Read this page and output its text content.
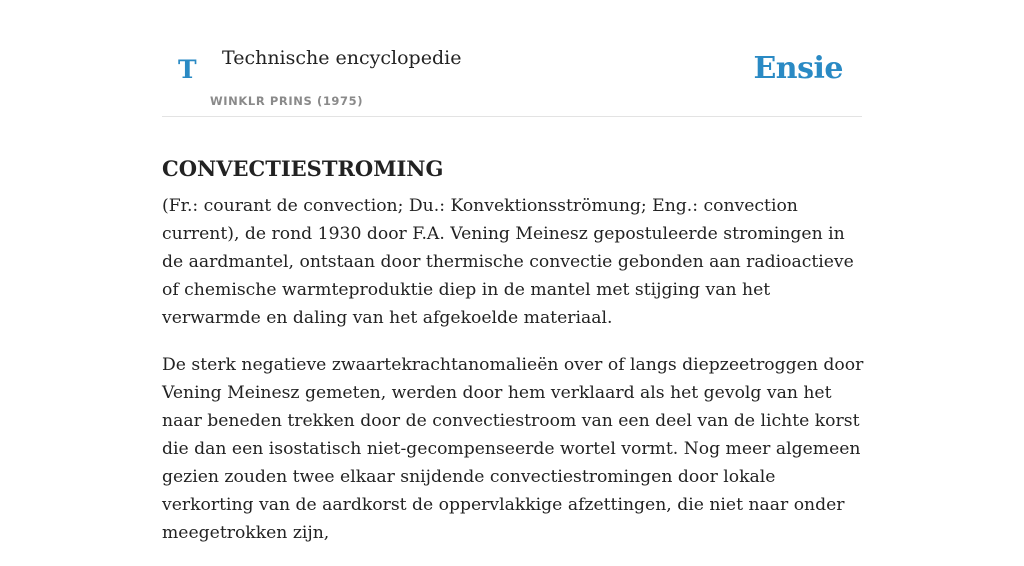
T Technische encyclopedie
WINKLR PRINS (1975)
Ensie
CONVECTIESTROMING

(Fr.: courant de convection; Du.: Konvektionsströmung; Eng.: convection current), de rond 1930 door F.A. Vening Meinesz gepostuleerde stromingen in de aardmantel, ontstaan door thermische convectie gebonden aan radioactieve of chemische warmteproduktie diep in de mantel met stijging van het verwarmde en daling van het afgekoelde materiaal.

De sterk negatieve zwaartekrachtanomalieën over of langs diepzeetroggen door Vening Meinesz gemeten, werden door hem verklaard als het gevolg van het naar beneden trekken door de convectiestroom van een deel van de lichte korst die dan een isostatisch niet-gecompenseerde wortel vormt. Nog meer algemeen gezien zouden twee elkaar snijdende convectiestromingen door lokale verkorting van de aardkorst de oppervlakkige afzettingen, die niet naar onder meegetrokken zijn,
